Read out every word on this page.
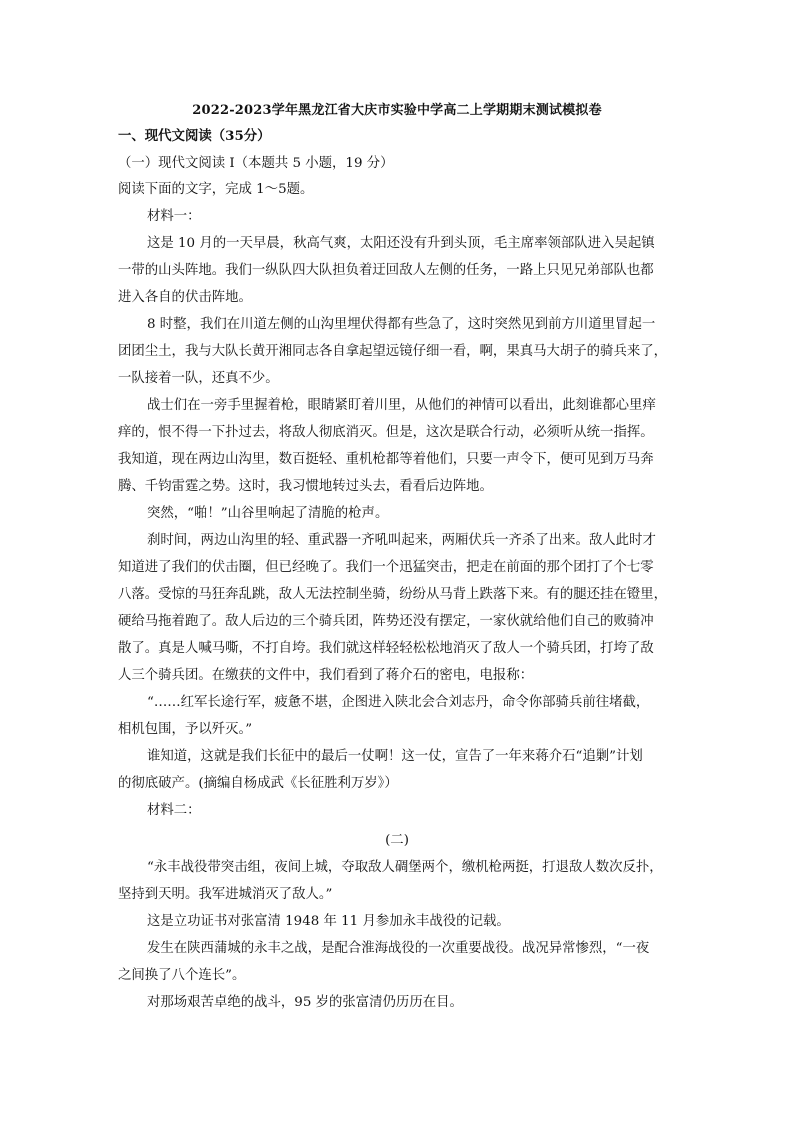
2022-2023学年黑龙江省大庆市实验中学高二上学期期末测试模拟卷
一、现代文阅读（35分）
（一）现代文阅读 I（本题共 5 小题，19 分）
阅读下面的文字，完成 1～5题。
材料一：
这是 10 月的一天早晨，秋高气爽，太阳还没有升到头顶，毛主席率领部队进入吴起镇
一带的山头阵地。我们一纵队四大队担负着迂回敌人左侧的任务，一路上只见兄弟部队也都
进入各自的伏击阵地。
8 时整，我们在川道左侧的山沟里埋伏得都有些急了，这时突然见到前方川道里冒起一
团团尘土，我与大队长黄开湘同志各自拿起望远镜仔细一看，啊，果真马大胡子的骑兵来了，
一队接着一队，还真不少。
战士们在一旁手里握着枪，眼睛紧盯着川里，从他们的神情可以看出，此刻谁都心里痒
痒的，恨不得一下扑过去，将敌人彻底消灭。但是，这次是联合行动，必须听从统一指挥。
我知道，现在两边山沟里，数百挺轻、重机枪都等着他们，只要一声令下，便可见到万马奔
腾、千钧雷霆之势。这时，我习惯地转过头去，看看后边阵地。
突然，“啪！”山谷里响起了清脆的枪声。
刹时间，两边山沟里的轻、重武器一齐吼叫起来，两厢伏兵一齐杀了出来。敌人此时才
知道进了我们的伏击圈，但已经晚了。我们一个迅猛突击，把走在前面的那个团打了个七零
八落。受惊的马狂奔乱跳，敌人无法控制坐骑，纷纷从马背上跌落下来。有的腿还挂在镫里，
硬给马拖着跑了。敌人后边的三个骑兵团，阵势还没有摆定，一家伙就给他们自己的败骑冲
散了。真是人喊马嘶，不打自垮。我们就这样轻轻松松地消灭了敌人一个骑兵团，打垮了敌
人三个骑兵团。在缴获的文件中，我们看到了蒋介石的密电，电报称：
“……红军长途行军，疲惫不堪，企图进入陕北会合刘志丹，命令你部骑兵前往堵截，
相机包围，予以歼灭。”
谁知道，这就是我们长征中的最后一仗啊！这一仗，宣告了一年来蒋介石“追剿”计划
的彻底破产。(摘编自杨成武《长征胜利万岁》）
材料二：
(二)
“永丰战役带突击组，夜间上城，夺取敌人碉堡两个，缴机枪两挺，打退敌人数次反扑，
坚持到天明。我军进城消灭了敌人。”
这是立功证书对张富清 1948 年 11 月参加永丰战役的记载。
发生在陕西蒲城的永丰之战，是配合淮海战役的一次重要战役。战况异常惨烈，“一夜
之间换了八个连长”。
对那场艰苦卓绝的战斗，95 岁的张富清仍历历在目。
